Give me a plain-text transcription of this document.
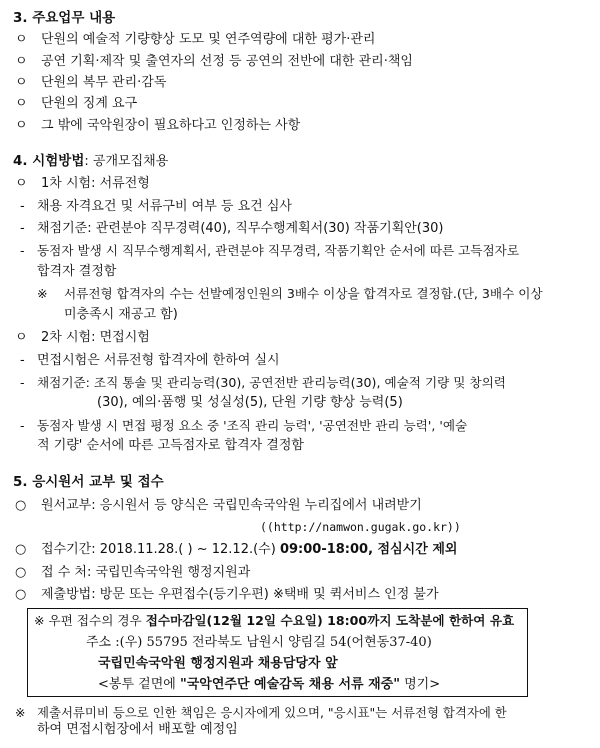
3. 주요업무 내용
ㅇ 단원의 예술적 기량향상 도모 및 연주역량에 대한 평가·관리
ㅇ 공연 기획·제작 및 출연자의 선정 등 공연의 전반에 대한 관리·책임
ㅇ 단원의 복무 관리·감독
ㅇ 단원의 징계 요구
ㅇ 그 밖에 국악원장이 필요하다고 인정하는 사항
4. 시험방법: 공개모집채용
ㅇ 1차 시험: 서류전형
- 채용 자격요건 및 서류구비 여부 등 요건 심사
- 채점기준: 관련분야 직무경력(40), 직무수행계획서(30) 작품기획안(30)
- 동점자 발생 시 직무수행계획서, 관련분야 직무경력, 작품기획안 순서에 따른 고득점자로
합격자 결정함
※ 서류전형 합격자의 수는 선발예정인원의 3배수 이상을 합격자로 결정함.(단, 3배수 이상
미충족시 재공고 함)
ㅇ 2차 시험: 면접시험
- 면접시험은 서류전형 합격자에 한하여 실시
- 채점기준: 조직 통솔 및 관리능력(30), 공연전반 관리능력(30), 예술적 기량 및 창의력
(30), 예의·품행 및 성실성(5), 단원 기량 향상 능력(5)
- 동점자 발생 시 면접 평정 요소 중 '조직 관리 능력', '공연전반 관리 능력', '예술
적 기량' 순서에 따른 고득점자로 합격자 결정함
5. 응시원서 교부 및 접수
○ 원서교부: 응시원서 등 양식은 국립민속국악원 누리집에서 내려받기
((http://namwon.gugak.go.kr))
○ 접수기간: 2018.11.28.( ) ~ 12.12.(수) 09:00-18:00, 점심시간 제외
○ 접 수 처: 국립민속국악원 행정지원과
○ 제출방법: 방문 또는 우편접수(등기우편) ※택배 및 퀵서비스 인정 불가
※ 우편 접수의 경우 접수마감일(12월 12일 수요일) 18:00까지 도착분에 한하여 유효
주소 :(우) 55795 전라북도 남원시 양림길 54(어현동37-40)
국립민속국악원 행정지원과 채용담당자 앞
<봉투 겉면에 "국악연주단 예술감독 채용 서류 재중" 명기>
※ 제출서류미비 등으로 인한 책임은 응시자에게 있으며, "응시표"는 서류전형 합격자에 한
하여 면접시험장에서 배포할 예정임
